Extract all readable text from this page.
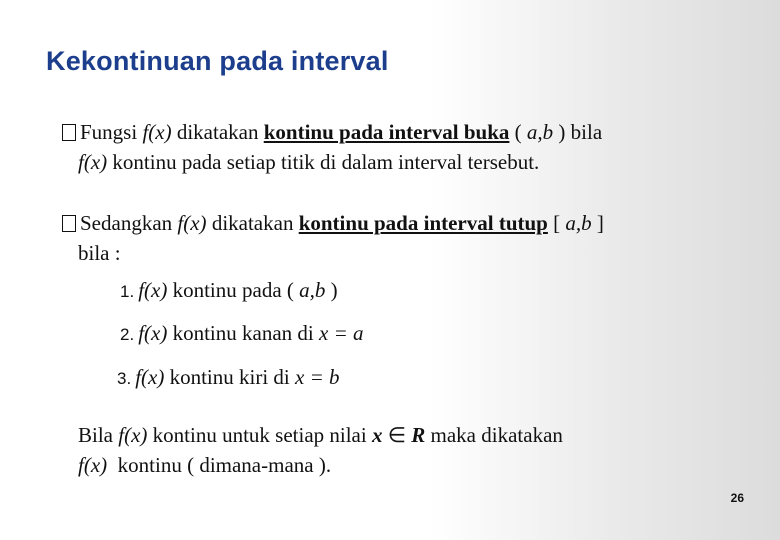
Kekontinuan pada interval
Fungsi f(x) dikatakan kontinu pada interval buka ( a,b ) bila
f(x) kontinu pada setiap titik di dalam interval tersebut.
Sedangkan f(x) dikatakan kontinu pada interval tutup [ a,b ]
bila :
1. f(x) kontinu pada ( a,b )
2. f(x) kontinu kanan di x = a
3. f(x) kontinu kiri di x = b
Bila f(x) kontinu untuk setiap nilai x ∈ R maka dikatakan
f(x)  kontinu ( dimana-mana ).
26
